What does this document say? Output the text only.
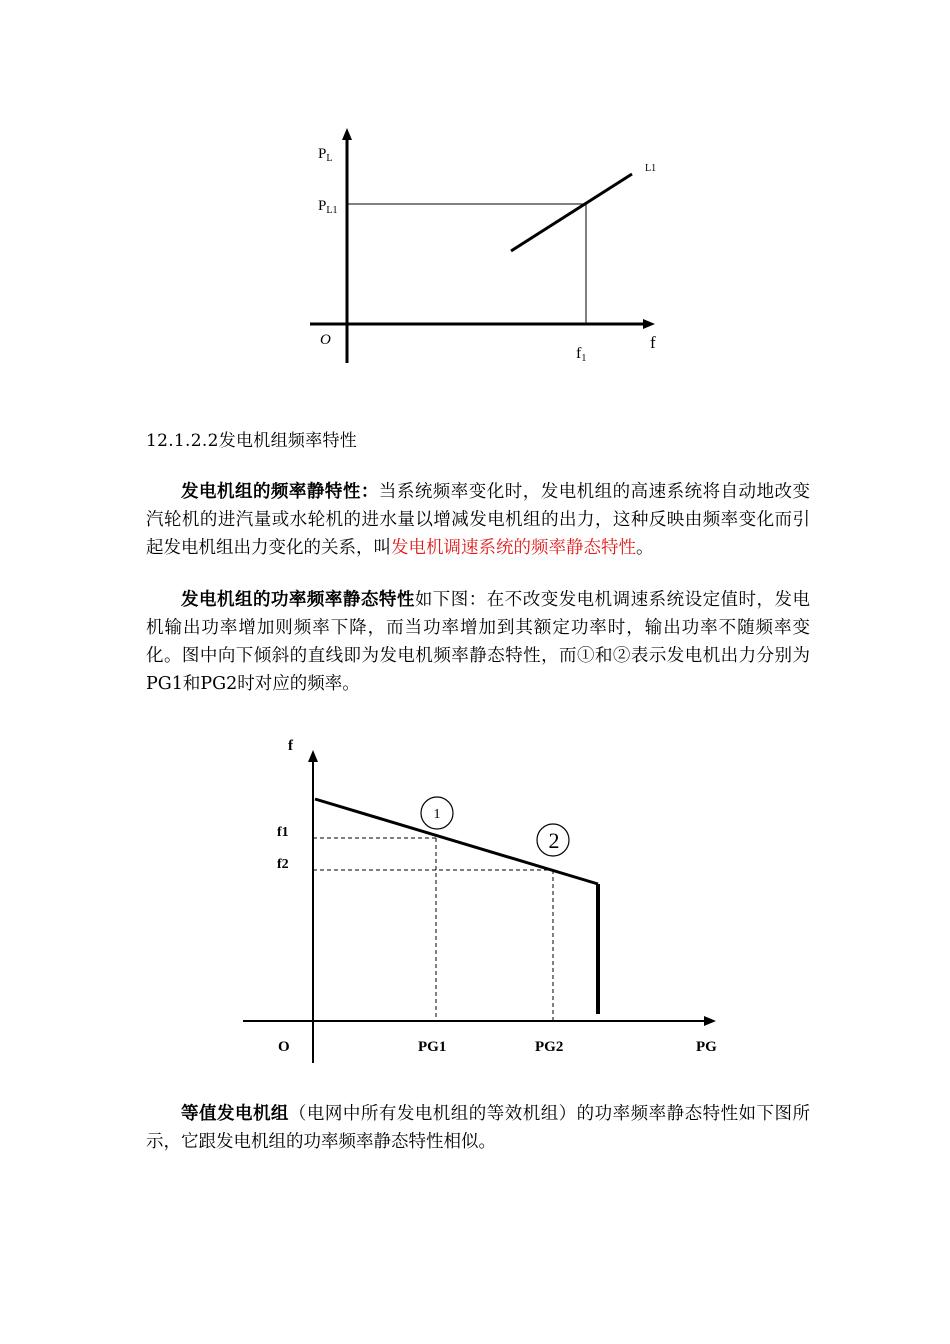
$P_L$
$P_{L1}$
L1
O	f
f1
12.1.2.2发电机组频率特性

发电机组的频率静特性：当系统频率变化时，发电机组的高速系统将自动地改变汽轮机的进汽量或水轮机的进水量以增减发电机组的出力，这种反映由频率变化而引起发电机组出力变化的关系，叫发电机调速系统的频率静态特性。

发电机组的功率频率静态特性如下图：在不改变发电机调速系统设定值时，发电机输出功率增加则频率下降，而当功率增加到其额定功率时，输出功率不随频率变化。图中向下倾斜的直线即为发电机频率静态特性，而①和②表示发电机出力分别为PG1和PG2时对应的频率。

1
2
f
f1
f2
O	PG1	PG2	PG

等值发电机组（电网中所有发电机组的等效机组）的功率频率静态特性如下图所示，它跟发电机组的功率频率静态特性相似。
